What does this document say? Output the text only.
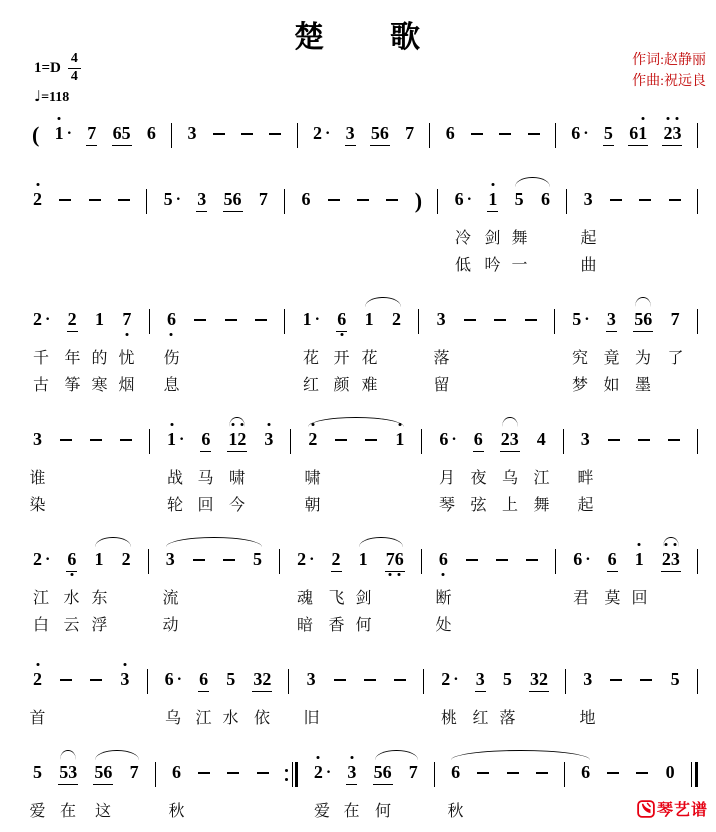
楚　　歌
1=D
4
4
♩=118
作词:赵静丽
作曲:祝远良
( 1 · 7 65 6 3	2 · 3 56 7 6	6 · 5 61 2
3
2	5 · 3 56 7 6	) 6 · 1 5 6 3
冷 剑 舞	起
低 吟 一	曲
2 · 2 1 7 6	1 · 6 1 2 3	5 · 3 56 7
千 年 的 忧 伤	花 开 花	落	究 竟 为 了
古 筝 寒 烟 息	红 颜 难	留	梦 如 墨
3	1 · 6 1
2 3 2	1 6 · 6 23 4 3
谁	战 马 啸	啸	月 夜 乌 江 畔
染	轮 回 今	朝	琴 弦 上 舞 起
2 · 6 1 2 3	5 2 · 2 1 7
6 6	6 · 6 1 2
3
江 水 东	流	魂 飞 剑	断	君 莫 回
白 云 浮	动	暗 香 何	处
2	3 6 · 6 5 32 3	2 · 3 5 32 3	5
首	乌 江 水 依 旧	桃 红 落	地
5 53 56 7 6	2 · 3 56 7 6	6	0
爱 在 这	秋	爱 在 何	秋	琴艺谱
